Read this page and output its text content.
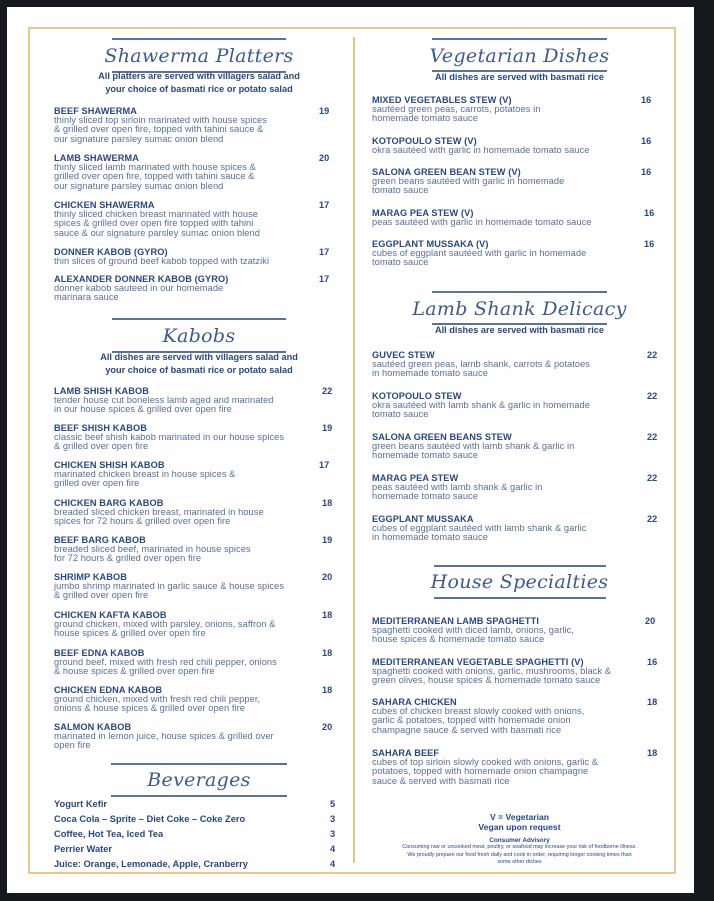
Shawerma Platters
All platters are served with villagers salad and
your choice of basmati rice or potato salad
BEEF SHAWERMA	19
thinly sliced top sirloin marinated with house spices
& grilled over open fire, topped with tahini sauce &
our signature parsley sumac onion blend
LAMB SHAWERMA	20
thinly sliced lamb marinated with house spices &
grilled over open fire, topped with tahini sauce &
our signature parsley sumac onion blend
CHICKEN SHAWERMA	17
thinly sliced chicken breast marinated with house
spices & grilled over open fire topped with tahini
sauce & our signature parsley sumac onion blend
DONNER KABOB (GYRO)	17
thin slices of ground beef kabob topped with tzatziki
ALEXANDER DONNER KABOB (GYRO)	17
donner kabob sauteed in our homemade
marinara sauce
Kabobs
All dishes are served with villagers salad and
your choice of basmati rice or potato salad
LAMB SHISH KABOB	22
tender house cut boneless lamb aged and marinated
in our house spices & grilled over open fire
BEEF SHISH KABOB	19
classic beef shish kabob marinated in our house spices
& grilled over open fire
CHICKEN SHISH KABOB	17
marinated chicken breast in house spices &
grilled over open fire
CHICKEN BARG KABOB	18
breaded sliced chicken breast, marinated in house
spices for 72 hours & grilled over open fire
BEEF BARG KABOB	19
breaded sliced beef, marinated in house spices
for 72 hours & grilled over open fire
SHRIMP KABOB	20
jumbo shrimp marinated in garlic sauce & house spices
& grilled over open fire
CHICKEN KAFTA KABOB	18
ground chicken, mixed with parsley, onions, saffron &
house spices & grilled over open fire
BEEF EDNA KABOB	18
ground beef, mixed with fresh red chili pepper, onions
& house spices & grilled over open fire
CHICKEN EDNA KABOB	18
ground chicken, mixed with fresh red chili pepper,
onions & house spices & grilled over open fire
SALMON KABOB	20
marinated in lemon juice, house spices & grilled over
open fire
Beverages
Yogurt Kefir	5
Coca Cola – Sprite – Diet Coke – Coke Zero	3
Coffee, Hot Tea, Iced Tea	3
Perrier Water	4
Juice: Orange, Lemonade, Apple, Cranberry	4
Vegetarian Dishes
All dishes are served with basmati rice
MIXED VEGETABLES STEW (V)	16
sautéed green peas, carrots, potatoes in
homemade tomato sauce
KOTOPOULO STEW (V)	16
okra sautéed with garlic in homemade tomato sauce
SALONA GREEN BEAN STEW (V)	16
green beans sautéed with garlic in homemade
tomato sauce
MARAG PEA STEW (V)	16
peas sautéed with garlic in homemade tomato sauce
EGGPLANT MUSSAKA (V)	16
cubes of eggplant sautéed with garlic in homemade
tomato sauce
Lamb Shank Delicacy
All dishes are served with basmati rice
GUVEC STEW	22
sautéed green peas, lamb shank, carrots & potatoes
in homemade tomato sauce
KOTOPOULO STEW	22
okra sautéed with lamb shank & garlic in homemade
tomato sauce
SALONA GREEN BEANS STEW	22
green beans sautéed with lamb shank & garlic in
homemade tomato sauce
MARAG PEA STEW	22
peas sautéed with lamb shank & garlic in
homemade tomato sauce
EGGPLANT MUSSAKA	22
cubes of eggplant sautéed with lamb shank & garlic
in homemade tomato sauce
House Specialties
MEDITERRANEAN LAMB SPAGHETTI	20
spaghetti cooked with diced lamb, onions, garlic,
house spices & homemade tomato sauce
MEDITERRANEAN VEGETABLE SPAGHETTI (V)	16
spaghetti cooked with onions, garlic, mushrooms, black &
green olives, house spices & homemade tomato sauce
SAHARA CHICKEN	18
cubes of chicken breast slowly cooked with onions,
garlic & potatoes, topped with homemade onion
champagne sauce & served with basmati rice
SAHARA BEEF	18
cubes of top sirloin slowly cooked with onions, garlic &
potatoes, topped with homemade onion champagne
sauce & served with basmati rice
V = Vegetarian
Vegan upon request
Consumer Advisory
Consuming raw or uncooked meat, poultry, or seafood may increase your risk of foodborne illness.
We proudly prepare our food fresh daily and cook in order, requiring longer cooking times than
some other dishes
